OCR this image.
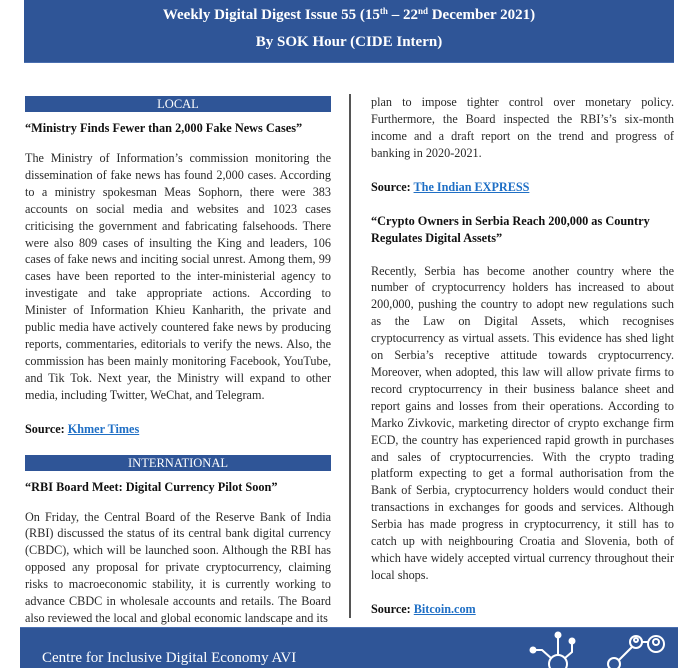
Weekly Digital Digest Issue 55 (15th – 22nd December 2021)
By SOK Hour (CIDE Intern)
LOCAL
“Ministry Finds Fewer than 2,000 Fake News Cases”
The Ministry of Information’s commission monitoring the dissemination of fake news has found 2,000 cases. According to a ministry spokesman Meas Sophorn, there were 383 accounts on social media and websites and 1023 cases criticising the government and fabricating falsehoods. There were also 809 cases of insulting the King and leaders, 106 cases of fake news and inciting social unrest. Among them, 99 cases have been reported to the inter-ministerial agency to investigate and take appropriate actions. According to Minister of Information Khieu Kanharith, the private and public media have actively countered fake news by producing reports, commentaries, editorials to verify the news. Also, the commission has been mainly monitoring Facebook, YouTube, and Tik Tok. Next year, the Ministry will expand to other media, including Twitter, WeChat, and Telegram.
Source: Khmer Times
INTERNATIONAL
“RBI Board Meet: Digital Currency Pilot Soon”
On Friday, the Central Board of the Reserve Bank of India (RBI) discussed the status of its central bank digital currency (CBDC), which will be launched soon. Although the RBI has opposed any proposal for private cryptocurrency, claiming risks to macroeconomic stability, it is currently working to advance CBDC in wholesale accounts and retails. The Board also reviewed the local and global economic landscape and its
plan to impose tighter control over monetary policy. Furthermore, the Board inspected the RBI’s’s six-month income and a draft report on the trend and progress of banking in 2020-2021.
Source: The Indian EXPRESS
“Crypto Owners in Serbia Reach 200,000 as Country Regulates Digital Assets”
Recently, Serbia has become another country where the number of cryptocurrency holders has increased to about 200,000, pushing the country to adopt new regulations such as the Law on Digital Assets, which recognises cryptocurrency as virtual assets. This evidence has shed light on Serbia’s receptive attitude towards cryptocurrency. Moreover, when adopted, this law will allow private firms to record cryptocurrency in their business balance sheet and report gains and losses from their operations. According to Marko Zivkovic, marketing director of crypto exchange firm ECD, the country has experienced rapid growth in purchases and sales of cryptocurrencies. With the crypto trading platform expecting to get a formal authorisation from the Bank of Serbia, cryptocurrency holders would conduct their transactions in exchanges for goods and services. Although Serbia has made progress in cryptocurrency, it still has to catch up with neighbouring Croatia and Slovenia, both of which have widely accepted virtual currency throughout their local shops.
Source: Bitcoin.com
Centre for Inclusive Digital Economy AVI
